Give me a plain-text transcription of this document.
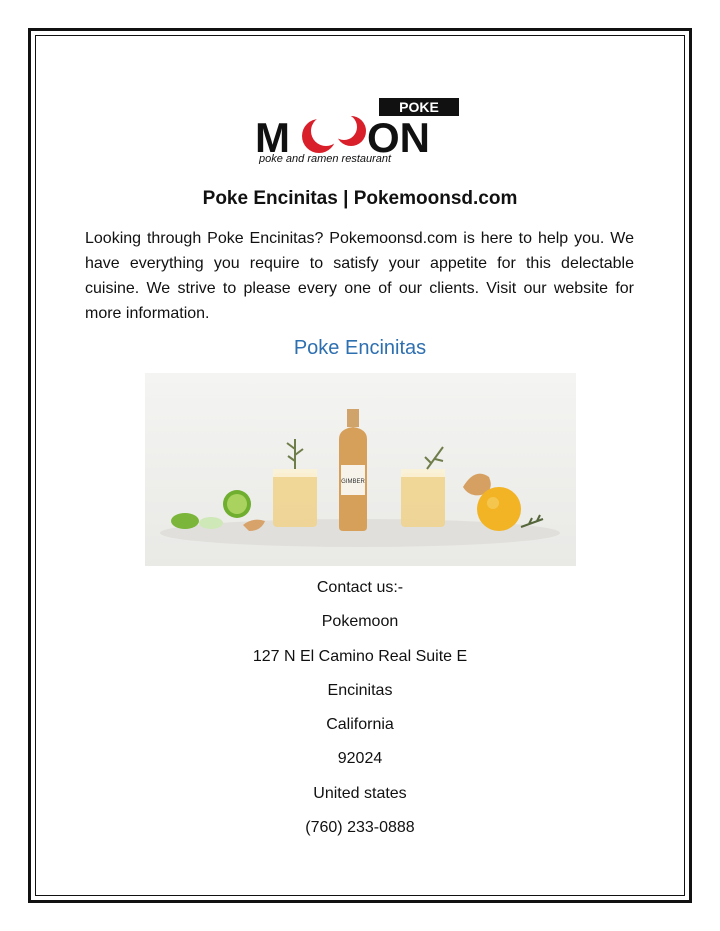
POKE
M ON
poke and ramen restaurant
Poke Encinitas | Pokemoonsd.com

Looking through Poke Encinitas? Pokemoonsd.com is here to help you. We have everything you require to satisfy your appetite for this delectable cuisine. We strive to please every one of our clients. Visit our website for more information.

Poke Encinitas
GIMBER
Contact us:-
Pokemoon
127 N El Camino Real Suite E
Encinitas
California
92024
United states
(760) 233-0888
